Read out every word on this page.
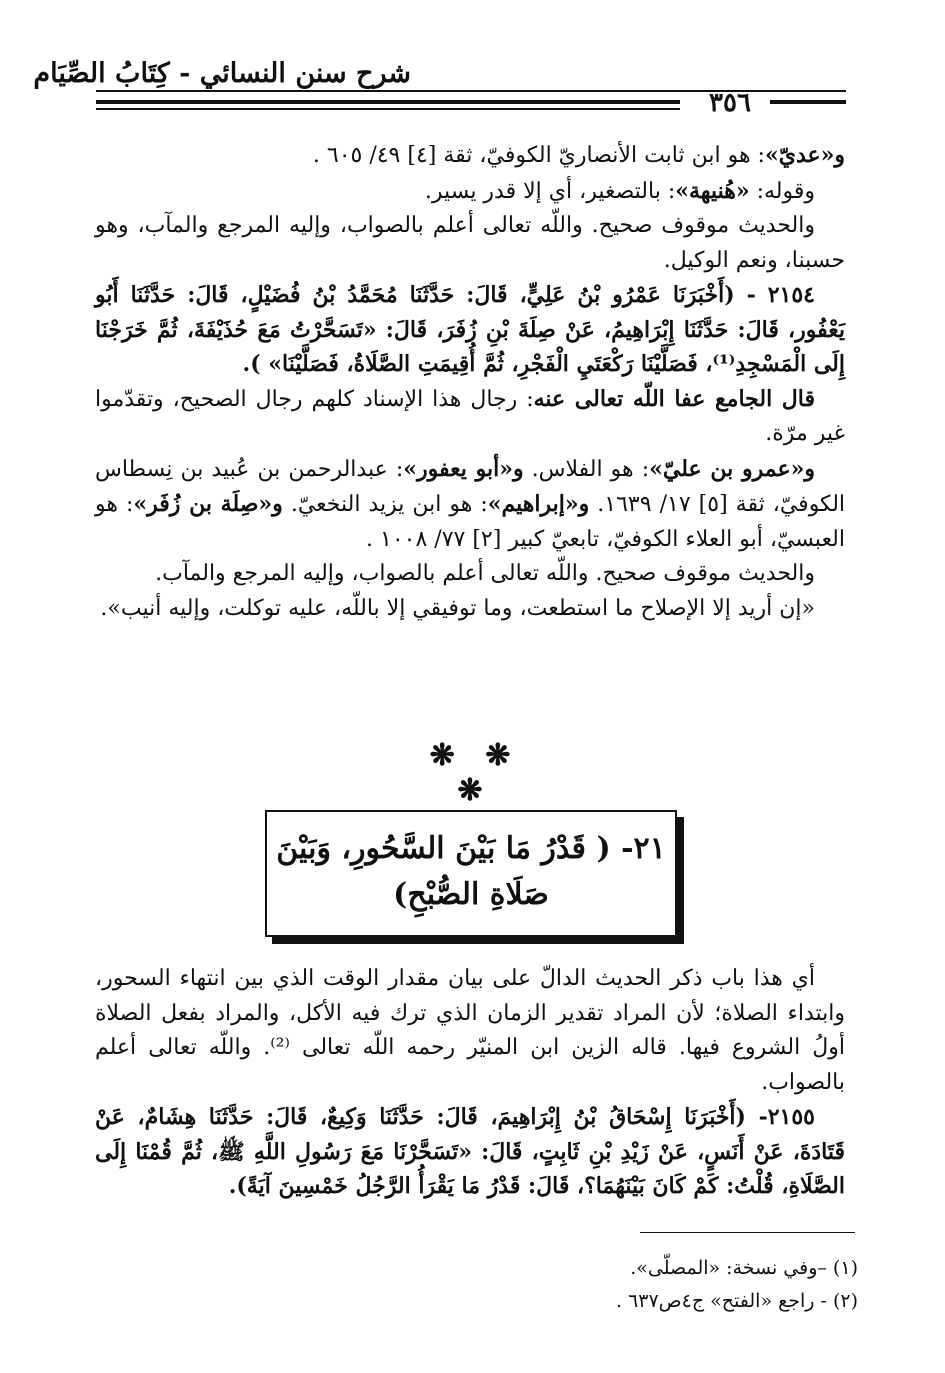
شرح سنن النسائي - كِتَابُ الصِّيَام
٣٥٦

و«عديّ»: هو ابن ثابت الأنصاريّ الكوفيّ، ثقة [٤] ٤٩/ ٦٠٥ .

وقوله: «هُنيهة»: بالتصغير، أي إلا قدر يسير.

والحديث موقوف صحيح. واللّه تعالى أعلم بالصواب، وإليه المرجع والمآب، وهو حسبنا، ونعم الوكيل.

٢١٥٤ - (أَخْبَرَنَا عَمْرُو بْنُ عَلِيٍّ، قَالَ: حَدَّثَنَا مُحَمَّدُ بْنُ فُضَيْلٍ، قَالَ: حَدَّثَنَا أَبُو يَعْفُور، قَالَ: حَدَّثَنَا إِبْرَاهِيمُ، عَنْ صِلَةَ بْنِ زُفَرَ، قَالَ: «تَسَحَّرْتُ مَعَ حُذَيْفَةَ، ثُمَّ خَرَجْنَا إِلَى الْمَسْجِدِ⁽¹⁾، فَصَلَّيْنَا رَكْعَتَيِ الْفَجْرِ، ثُمَّ أُقِيمَتِ الصَّلَاةُ، فَصَلَّيْنَا» ).

قال الجامع عفا اللّه تعالى عنه: رجال هذا الإسناد كلهم رجال الصحيح، وتقدّموا غير مرّة.

و«عمرو بن عليّ»: هو الفلاس. و«أبو يعفور»: عبدالرحمن بن عُبيد بن نِسطاس الكوفيّ، ثقة [٥] ١٧/ ١٦٣٩. و«إبراهيم»: هو ابن يزيد النخعيّ. و«صِلَة بن زُفَر»: هو العبسيّ، أبو العلاء الكوفيّ، تابعيّ كبير [٢] ٧٧/ ١٠٠٨ .

والحديث موقوف صحيح. واللّه تعالى أعلم بالصواب، وإليه المرجع والمآب.

«إن أريد إلا الإصلاح ما استطعت، وما توفيقي إلا باللّه، عليه توكلت، وإليه أنيب».

❋ ❋ ❋
٢١- ( قَدْرُ مَا بَيْنَ السَّحُورِ، وَبَيْنَ
صَلَاةِ الصُّبْحِ)

أي هذا باب ذكر الحديث الدالّ على بيان مقدار الوقت الذي بين انتهاء السحور، وابتداء الصلاة؛ لأن المراد تقدير الزمان الذي ترك فيه الأكل، والمراد بفعل الصلاة أولُ الشروع فيها. قاله الزين ابن المنيّر رحمه اللّه تعالى ⁽²⁾. واللّه تعالى أعلم بالصواب.

٢١٥٥- (أَخْبَرَنَا إِسْحَاقُ بْنُ إِبْرَاهِيمَ، قَالَ: حَدَّثَنَا وَكِيعٌ، قَالَ: حَدَّثَنَا هِشَامٌ، عَنْ قَتَادَةَ، عَنْ أَنَسٍ، عَنْ زَيْدِ بْنِ ثَابِتٍ، قَالَ: «تَسَحَّرْنَا مَعَ رَسُولِ اللَّهِ ﷺ، ثُمَّ قُمْنَا إِلَى الصَّلَاةِ، قُلْتُ: كَمْ كَانَ بَيْنَهُمَا؟، قَالَ: قَدْرُ مَا يَقْرَأُ الرَّجُلُ خَمْسِينَ آيَةً).

(١) –وفي نسخة: «المصلّى».

(٢) - راجع «الفتح» ج٤ص٦٣٧ .
